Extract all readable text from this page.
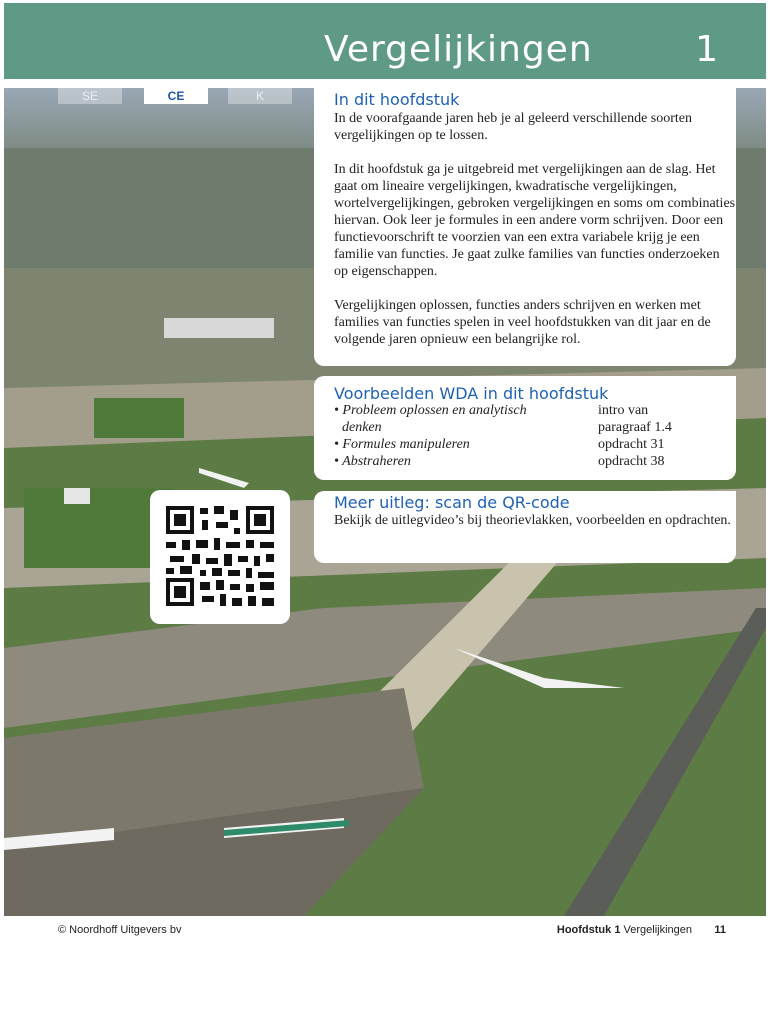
Vergelijkingen	1
SE	CE	K	In dit hoofdstuk

In de voorafgaande jaren heb je al geleerd verschillende soorten vergelijkingen op te lossen.

In dit hoofdstuk ga je uitgebreid met vergelijkingen aan de slag. Het gaat om lineaire vergelijkingen, kwadratische vergelijkingen, wortelvergelijkingen, gebroken vergelijkingen en soms om combinaties hiervan. Ook leer je formules in een andere vorm schrijven. Door een functievoorschrift te voorzien van een extra variabele krijg je een familie van functies. Je gaat zulke families van functies onderzoeken op eigenschappen.

Vergelijkingen oplossen, functies anders schrijven en werken met families van functies spelen in veel hoofdstukken van dit jaar en de volgende jaren opnieuw een belangrijke rol.

Voorbeelden WDA in dit hoofdstuk
• Probleem oplossen en analytisch	intro van
denken	paragraaf 1.4
• Formules manipuleren	opdracht 31
• Abstraheren	opdracht 38
Meer uitleg: scan de QR-code

Bekijk de uitlegvideo’s bij theorievlakken, voorbeelden en opdrachten.

© Noordhoff Uitgevers bv	Hoofdstuk 1 Vergelijkingen 11
